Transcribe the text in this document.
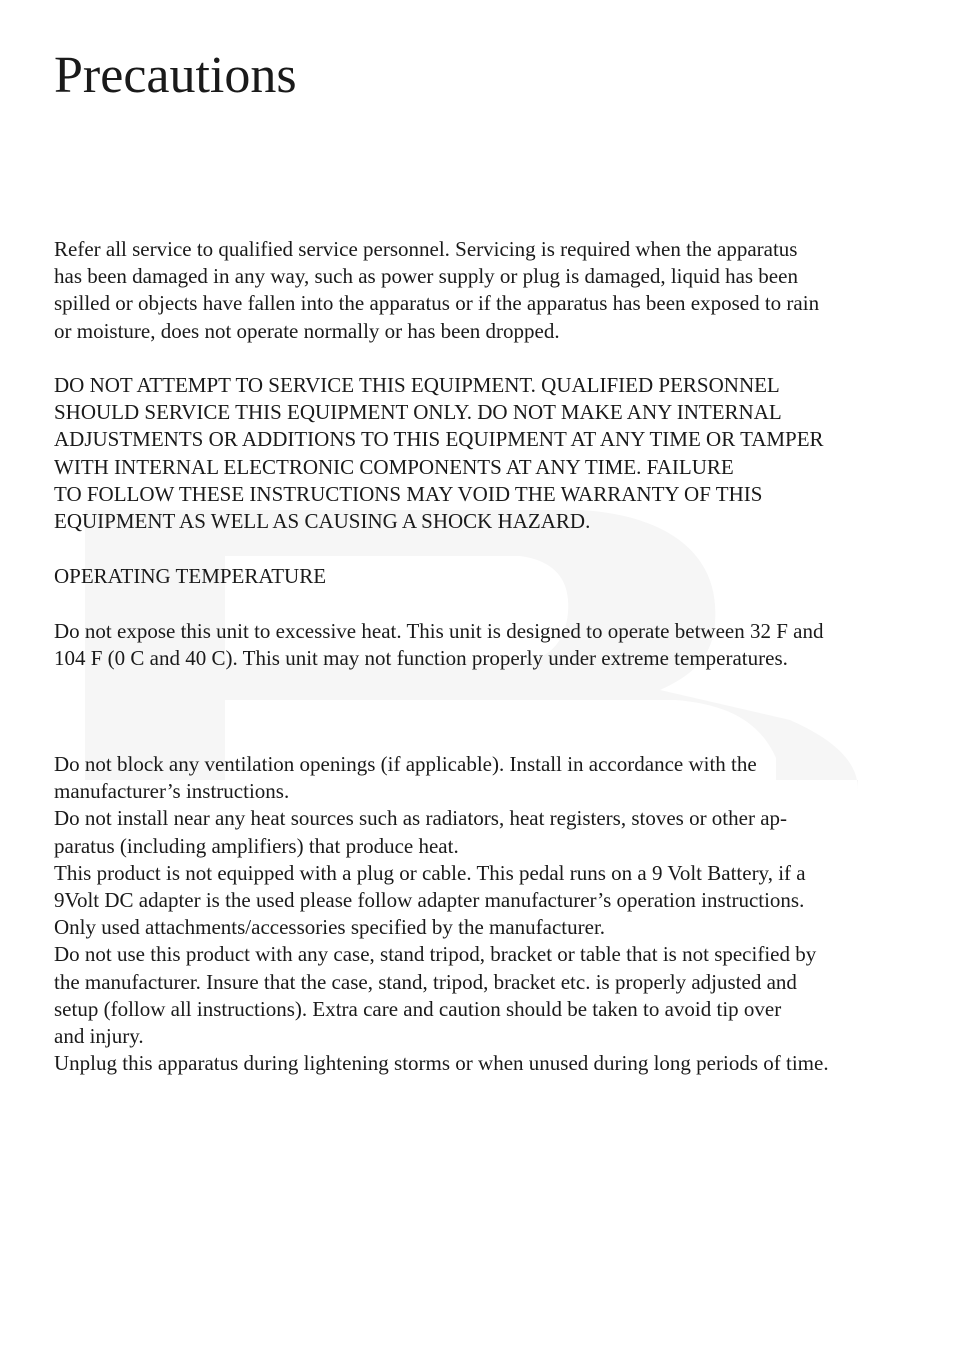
Precautions

Refer all service to qualified service personnel. Servicing is required when the apparatus
has been damaged in any way, such as power supply or plug is damaged, liquid has been
spilled or objects have fallen into the apparatus or if the apparatus has been exposed to rain
or moisture, does not operate normally or has been dropped.

DO NOT ATTEMPT TO SERVICE THIS EQUIPMENT. QUALIFIED PERSONNEL
SHOULD SERVICE THIS EQUIPMENT ONLY. DO NOT MAKE ANY INTERNAL
ADJUSTMENTS OR ADDITIONS TO THIS EQUIPMENT AT ANY TIME OR TAMPER
WITH INTERNAL ELECTRONIC COMPONENTS AT ANY TIME. FAILURE
TO FOLLOW THESE INSTRUCTIONS MAY VOID THE WARRANTY OF THIS
EQUIPMENT AS WELL AS CAUSING A SHOCK HAZARD.

OPERATING TEMPERATURE

Do not expose this unit to excessive heat. This unit is designed to operate between 32 F and
104 F (0 C and 40 C). This unit may not function properly under extreme temperatures.

Do not block any ventilation openings (if applicable). Install in accordance with the
manufacturer’s instructions.
Do not install near any heat sources such as radiators, heat registers, stoves or other ap-
paratus (including amplifiers) that produce heat.
This product is not equipped with a plug or cable. This pedal runs on a 9 Volt Battery, if a
9Volt DC adapter is the used please follow adapter manufacturer’s operation instructions.
Only used attachments/accessories specified by the manufacturer.
Do not use this product with any case, stand tripod, bracket or table that is not specified by
the manufacturer. Insure that the case, stand, tripod, bracket etc. is properly adjusted and
setup (follow all instructions). Extra care and caution should be taken to avoid tip over
and injury.
Unplug this apparatus during lightening storms or when unused during long periods of time.
